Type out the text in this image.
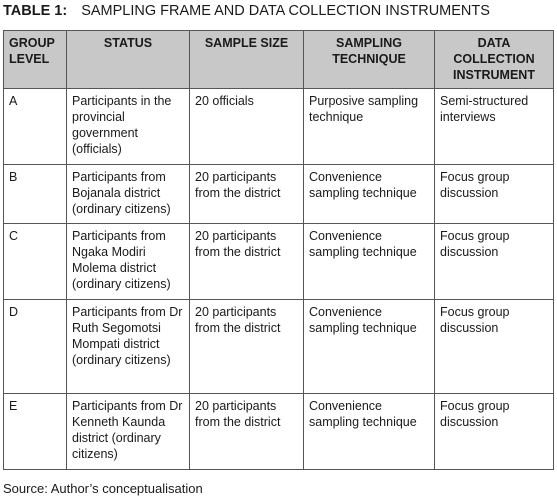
TABLE 1: SAMPLING FRAME AND DATA COLLECTION INSTRUMENTS
GROUP LEVEL	STATUS	SAMPLE SIZE	SAMPLING TECHNIQUE	DATA COLLECTION INSTRUMENT
A	Participants in the provincial government (officials)	20 officials	Purposive sampling technique	Semi-structured interviews
B	Participants from Bojanala district (ordinary citizens)	20 participants from the district	Convenience sampling technique	Focus group discussion
C	Participants from Ngaka Modiri Molema district (ordinary citizens)	20 participants from the district	Convenience sampling technique	Focus group discussion
D	Participants from Dr Ruth Segomotsi Mompati district (ordinary citizens)	20 participants from the district	Convenience sampling technique	Focus group discussion
E	Participants from Dr Kenneth Kaunda district (ordinary citizens)	20 participants from the district	Convenience sampling technique	Focus group discussion
Source: Author’s conceptualisation
